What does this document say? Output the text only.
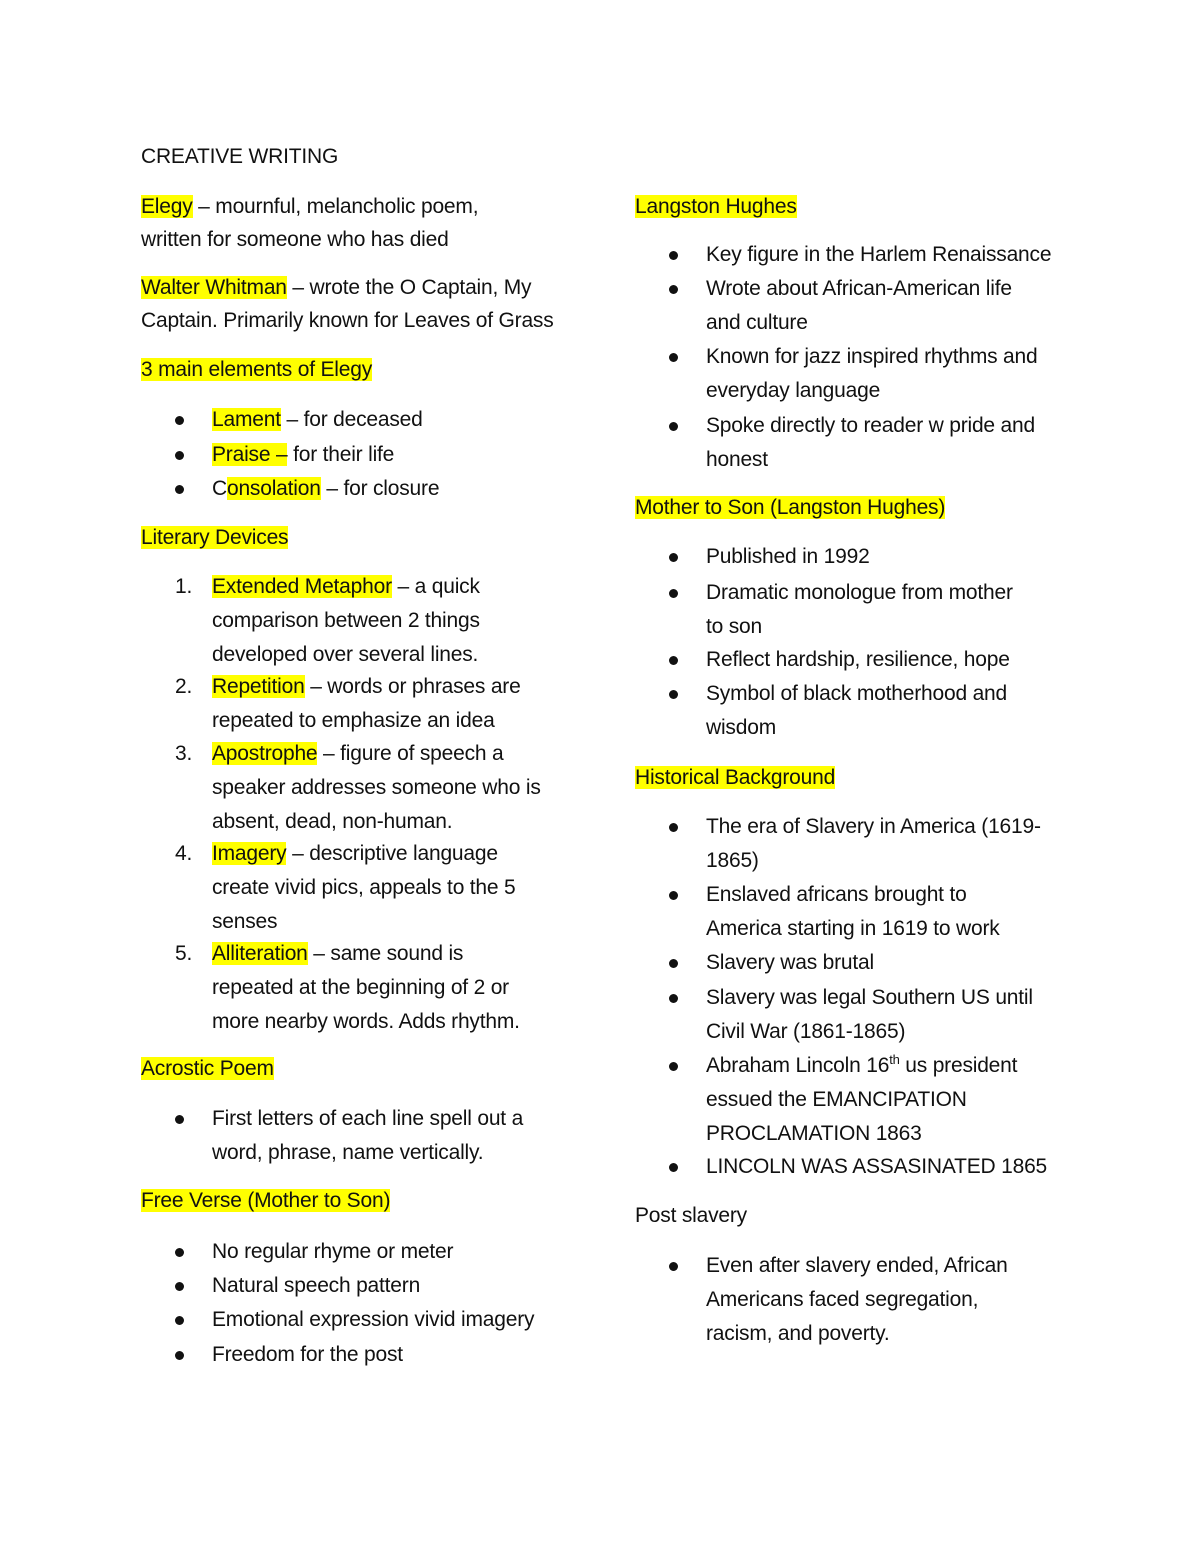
CREATIVE WRITING
Elegy – mournful, melancholic poem,
written for someone who has died
Walter Whitman – wrote the O Captain, My
Captain. Primarily known for Leaves of Grass
3 main elements of Elegy
Lament – for deceased
Praise – for their life
Consolation – for closure
Literary Devices
1. Extended Metaphor – a quick
comparison between 2 things
developed over several lines.
2. Repetition – words or phrases are
repeated to emphasize an idea
3. Apostrophe – figure of speech a
speaker addresses someone who is
absent, dead, non-human.
4. Imagery – descriptive language
create vivid pics, appeals to the 5
senses
5. Alliteration – same sound is
repeated at the beginning of 2 or
more nearby words. Adds rhythm.
Acrostic Poem
First letters of each line spell out a
word, phrase, name vertically.
Free Verse (Mother to Son)
No regular rhyme or meter
Natural speech pattern
Emotional expression vivid imagery
Freedom for the post
Langston Hughes
Key figure in the Harlem Renaissance
Wrote about African-American life
and culture
Known for jazz inspired rhythms and
everyday language
Spoke directly to reader w pride and
honest
Mother to Son (Langston Hughes)
Published in 1992
Dramatic monologue from mother
to son
Reflect hardship, resilience, hope
Symbol of black motherhood and
wisdom
Historical Background
The era of Slavery in America (1619-
1865)
Enslaved africans brought to
America starting in 1619 to work
Slavery was brutal
Slavery was legal Southern US until
Civil War (1861-1865)
Abraham Lincoln 16th us president
essued the EMANCIPATION
PROCLAMATION 1863
LINCOLN WAS ASSASINATED 1865
Post slavery
Even after slavery ended, African
Americans faced segregation,
racism, and poverty.
